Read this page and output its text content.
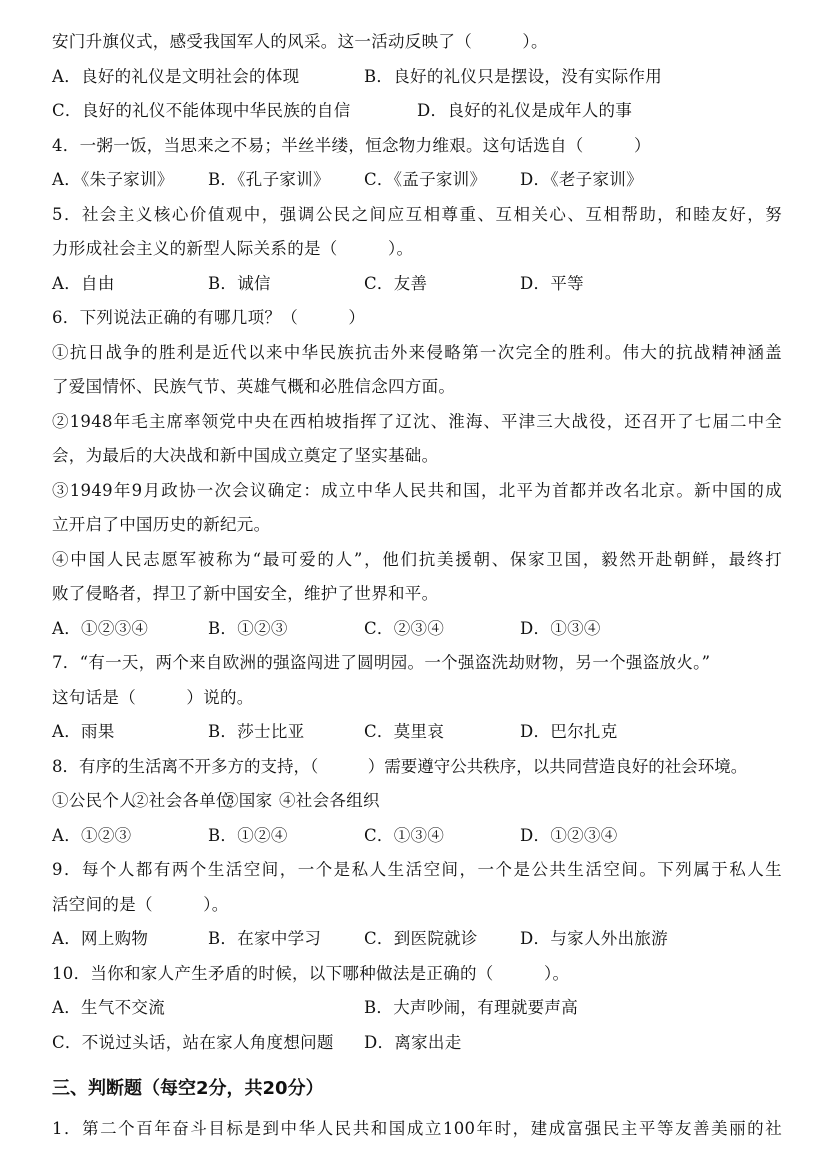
安门升旗仪式，感受我国军人的风采。这一活动反映了（　　　）。
A．良好的礼仪是文明社会的体现	B．良好的礼仪只是摆设，没有实际作用
C．良好的礼仪不能体现中华民族的自信	D．良好的礼仪是成年人的事
4．一粥一饭，当思来之不易；半丝半缕，恒念物力维艰。这句话选自（　　　）
A．《朱子家训》	B．《孔子家训》	C．《孟子家训》	D．《老子家训》
5．社会主义核心价值观中，强调公民之间应互相尊重、互相关心、互相帮助，和睦友好，努
力形成社会主义的新型人际关系的是（　　　）。
A．自由	B．诚信	C．友善	D．平等
6．下列说法正确的有哪几项？（　　　）
①抗日战争的胜利是近代以来中华民族抗击外来侵略第一次完全的胜利。伟大的抗战精神涵盖
了爱国情怀、民族气节、英雄气概和必胜信念四方面。
②1948年毛主席率领党中央在西柏坡指挥了辽沈、淮海、平津三大战役，还召开了七届二中全
会，为最后的大决战和新中国成立奠定了坚实基础。
③1949年9月政协一次会议确定：成立中华人民共和国，北平为首都并改名北京。新中国的成
立开启了中国历史的新纪元。
④中国人民志愿军被称为“最可爱的人”，他们抗美援朝、保家卫国，毅然开赴朝鲜，最终打
败了侵略者，捍卫了新中国安全，维护了世界和平。
A．①②③④	B．①②③	C．②③④	D．①③④
7．“有一天，两个来自欧洲的强盗闯进了圆明园。一个强盗洗劫财物，另一个强盗放火。”
这句话是（　　　）说的。
A．雨果	B．莎士比亚	C．莫里哀	D．巴尔扎克
8．有序的生活离不开多方的支持，（　　　）需要遵守公共秩序，以共同营造良好的社会环境。
①公民个人
②社会各单位
③国家 ④社会各组织
A．①②③	B．①②④	C．①③④	D．①②③④
9．每个人都有两个生活空间，一个是私人生活空间，一个是公共生活空间。下列属于私人生
活空间的是（　　　）。
A．网上购物	B．在家中学习	C．到医院就诊	D．与家人外出旅游
10．当你和家人产生矛盾的时候，以下哪种做法是正确的（　　　）。
A．生气不交流	B．大声吵闹，有理就要声高
C．不说过头话，站在家人角度想问题	D．离家出走
三、判断题（每空2分，共20分）
1．第二个百年奋斗目标是到中华人民共和国成立100年时，建成富强民主平等友善美丽的社
